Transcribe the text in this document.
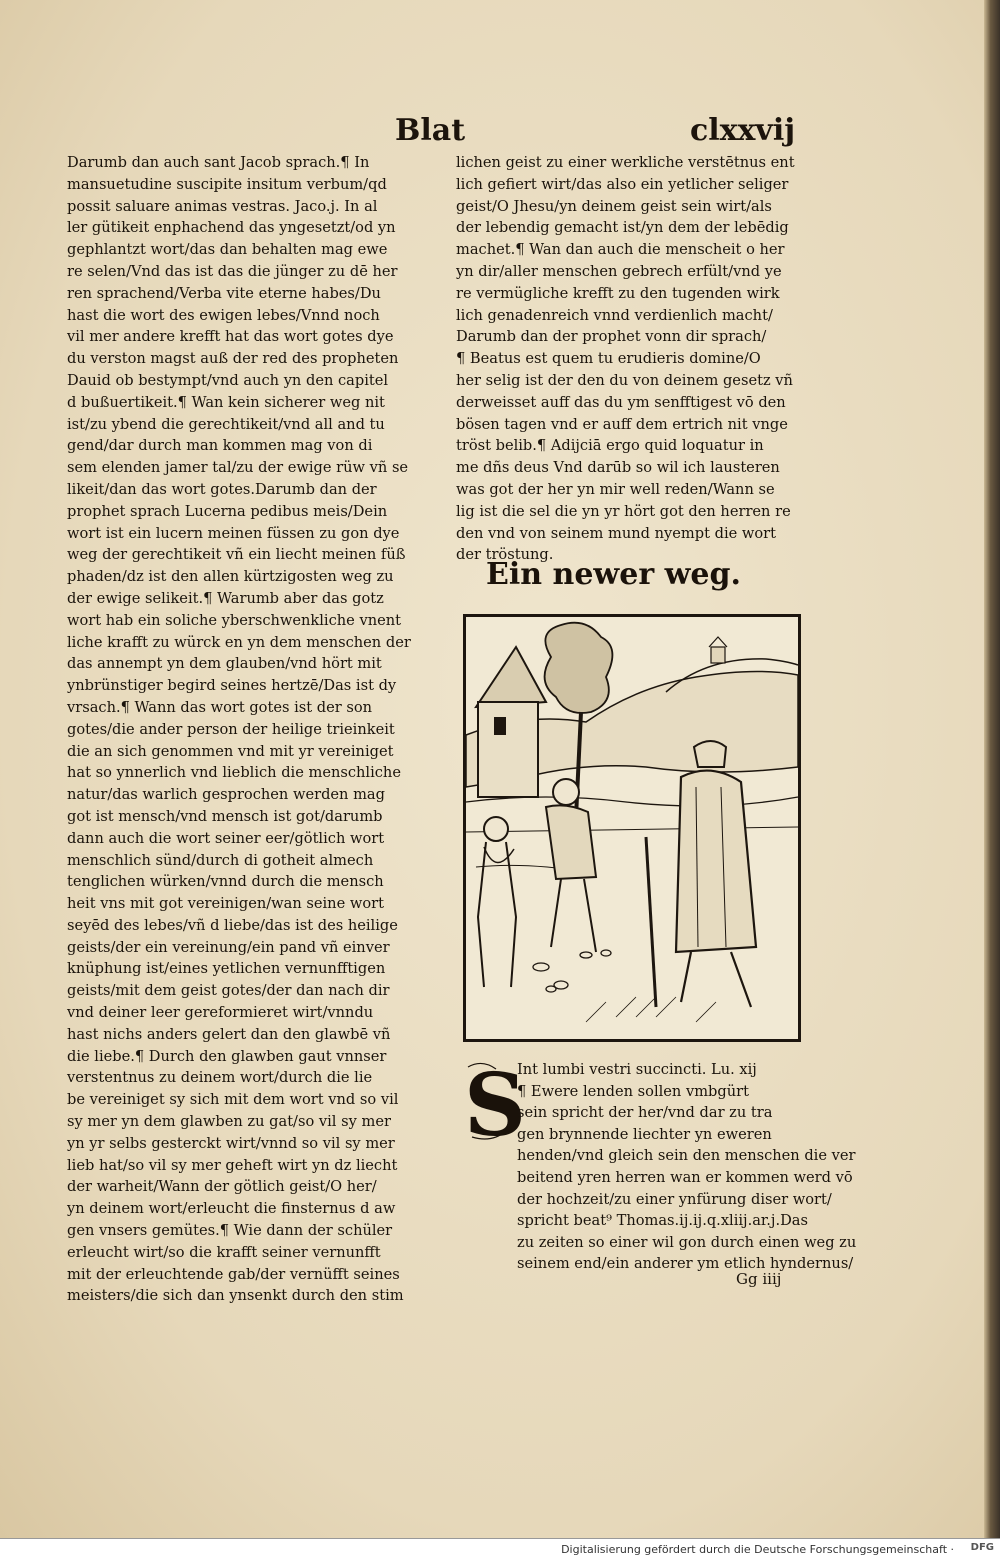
Blat	clxxvij
Darumb dan auch sant Jacob sprach.¶ In
mansuetudine suscipite insitum verbum/qd
possit saluare animas vestras. Jaco.j. In al
ler gütikeit enphachend das yngesetzt/od yn
gephlantzt wort/das dan behalten mag ewe
re selen/Vnd das ist das die jünger zu dē her
ren sprachend/Verba vite eterne habes/Du
hast die wort des ewigen lebes/Vnnd noch
vil mer andere krefft hat das wort gotes dye
du verston magst auß der red des propheten
Dauid ob bestympt/vnd auch yn den capitel
d bußuertikeit.¶ Wan kein sicherer weg nit
ist/zu ybend die gerechtikeit/vnd all and tu
gend/dar durch man kommen mag von di
sem elenden jamer tal/zu der ewige rüw vñ se
likeit/dan das wort gotes.Darumb dan der
prophet sprach Lucerna pedibus meis/Dein
wort ist ein lucern meinen füssen zu gon dye
weg der gerechtikeit vñ ein liecht meinen füß
phaden/dz ist den allen kürtzigosten weg zu
der ewige selikeit.¶ Warumb aber das gotz
wort hab ein soliche yberschwenkliche vnent
liche krafft zu würck en yn dem menschen der
das annempt yn dem glauben/vnd hört mit
ynbrünstiger begird seines hertzē/Das ist dy
vrsach.¶ Wann das wort gotes ist der son
gotes/die ander person der heilige trieinkeit
die an sich genommen vnd mit yr vereiniget
hat so ynnerlich vnd lieblich die menschliche
natur/das warlich gesprochen werden mag
got ist mensch/vnd mensch ist got/darumb
dann auch die wort seiner eer/götlich wort
menschlich sünd/durch di gotheit almech
tenglichen würken/vnnd durch die mensch
heit vns mit got vereinigen/wan seine wort
seyēd des lebes/vñ d liebe/das ist des heilige
geists/der ein vereinung/ein pand vñ einver
knüphung ist/eines yetlichen vernunfftigen
geists/mit dem geist gotes/der dan nach dir
vnd deiner leer gereformieret wirt/vnndu
hast nichs anders gelert dan den glawbē vñ
die liebe.¶ Durch den glawben gaut vnnser
verstentnus zu deinem wort/durch die lie
be vereiniget sy sich mit dem wort vnd so vil
sy mer yn dem glawben zu gat/so vil sy mer
yn yr selbs gesterckt wirt/vnnd so vil sy mer
lieb hat/so vil sy mer geheft wirt yn dz liecht
der warheit/Wann der götlich geist/O her/
yn deinem wort/erleucht die finsternus d aw
gen vnsers gemütes.¶ Wie dann der schüler
erleucht wirt/so die krafft seiner vernunfft
mit der erleuchtende gab/der vernüfft seines
meisters/die sich dan ynsenkt durch den stim
lichen geist zu einer werkliche verstētnus ent
lich gefiert wirt/das also ein yetlicher seliger
geist/O Jhesu/yn deinem geist sein wirt/als
der lebendig gemacht ist/yn dem der lebēdig
machet.¶ Wan dan auch die menscheit o her
yn dir/aller menschen gebrech erfült/vnd ye
re vermügliche krefft zu den tugenden wirk
lich genadenreich vnnd verdienlich macht/
Darumb dan der prophet vonn dir sprach/
¶ Beatus est quem tu erudieris domine/O
her selig ist der den du von deinem gesetz vñ
derweisset auff das du ym senfftigest vō den
bösen tagen vnd er auff dem ertrich nit vnge
tröst belib.¶ Adijciā ergo quid loquatur in
me dñs deus Vnd darūb so wil ich lausteren
was got der her yn mir well reden/Wann se
lig ist die sel die yn yr hört got den herren re
den vnd von seinem mund nyempt die wort
der tröstung.
Ein newer weg.
S
Int lumbi vestri succincti. Lu. xij
¶ Ewere lenden sollen vmbgürt
sein spricht der her/vnd dar zu tra
gen brynnende liechter yn eweren
henden/vnd gleich sein den menschen die ver
beitend yren herren wan er kommen werd vō
der hochzeit/zu einer ynfürung diser wort/
spricht beat⁹ Thomas.ij.ij.q.xliij.ar.j.Das
zu zeiten so einer wil gon durch einen weg zu
seinem end/ein anderer ym etlich hyndernus/
Gg iiij
Digitalisierung gefördert durch die Deutsche Forschungsgemeinschaft · DFG
